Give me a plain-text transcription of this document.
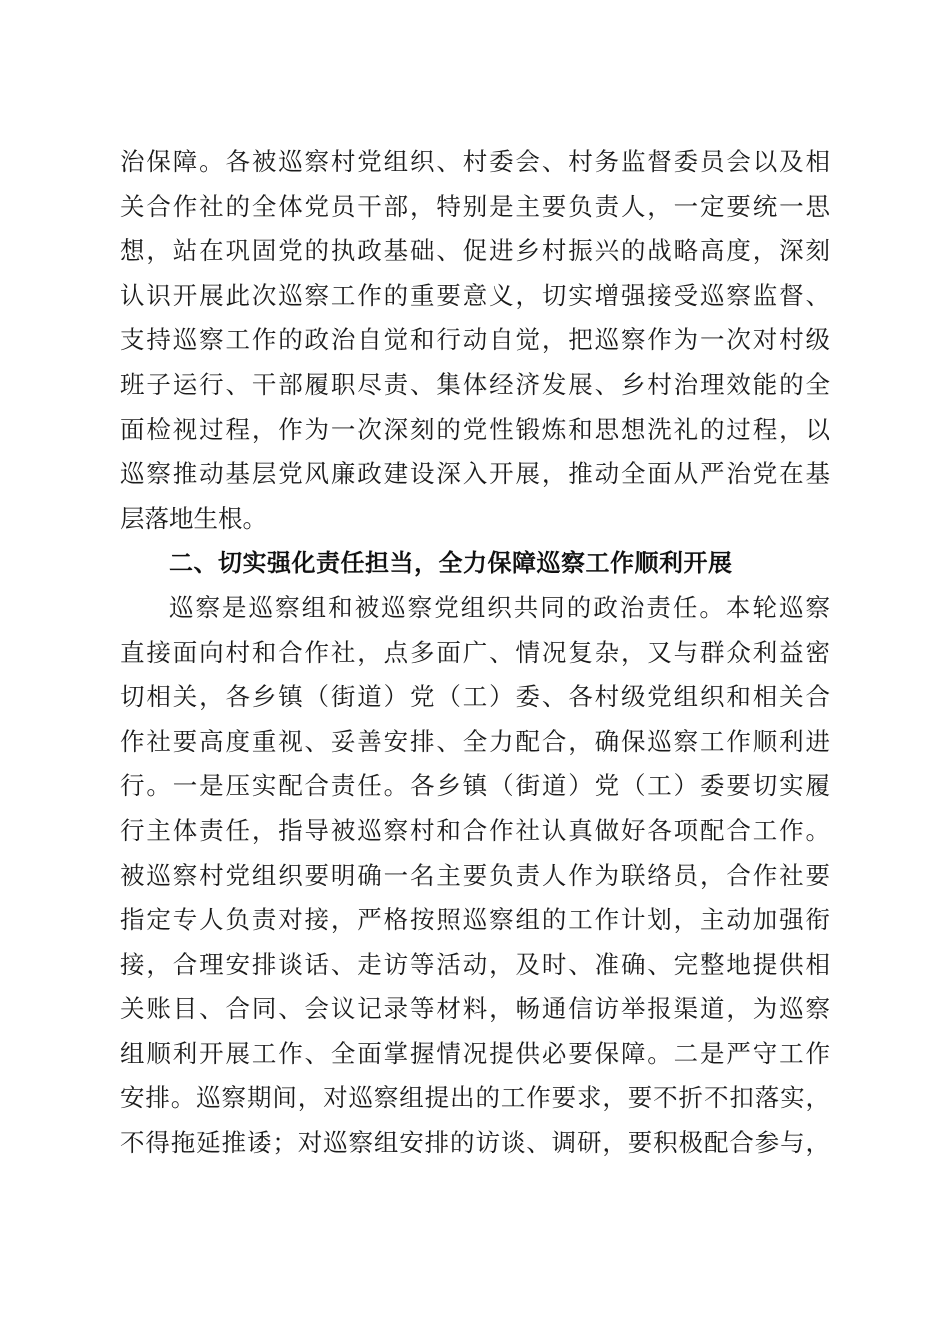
治保障。各被巡察村党组织、村委会、村务监督委员会以及相
关合作社的全体党员干部，特别是主要负责人，一定要统一思
想，站在巩固党的执政基础、促进乡村振兴的战略高度，深刻
认识开展此次巡察工作的重要意义，切实增强接受巡察监督、
支持巡察工作的政治自觉和行动自觉，把巡察作为一次对村级
班子运行、干部履职尽责、集体经济发展、乡村治理效能的全
面检视过程，作为一次深刻的党性锻炼和思想洗礼的过程，以
巡察推动基层党风廉政建设深入开展，推动全面从严治党在基
层落地生根。
二、切实强化责任担当，全力保障巡察工作顺利开展
巡察是巡察组和被巡察党组织共同的政治责任。本轮巡察
直接面向村和合作社，点多面广、情况复杂，又与群众利益密
切相关，各乡镇（街道）党（工）委、各村级党组织和相关合
作社要高度重视、妥善安排、全力配合，确保巡察工作顺利进
行。一是压实配合责任。各乡镇（街道）党（工）委要切实履
行主体责任，指导被巡察村和合作社认真做好各项配合工作。
被巡察村党组织要明确一名主要负责人作为联络员，合作社要
指定专人负责对接，严格按照巡察组的工作计划，主动加强衔
接，合理安排谈话、走访等活动，及时、准确、完整地提供相
关账目、合同、会议记录等材料，畅通信访举报渠道，为巡察
组顺利开展工作、全面掌握情况提供必要保障。二是严守工作
安排。巡察期间，对巡察组提出的工作要求，要不折不扣落实，
不得拖延推诿；对巡察组安排的访谈、调研，要积极配合参与，
